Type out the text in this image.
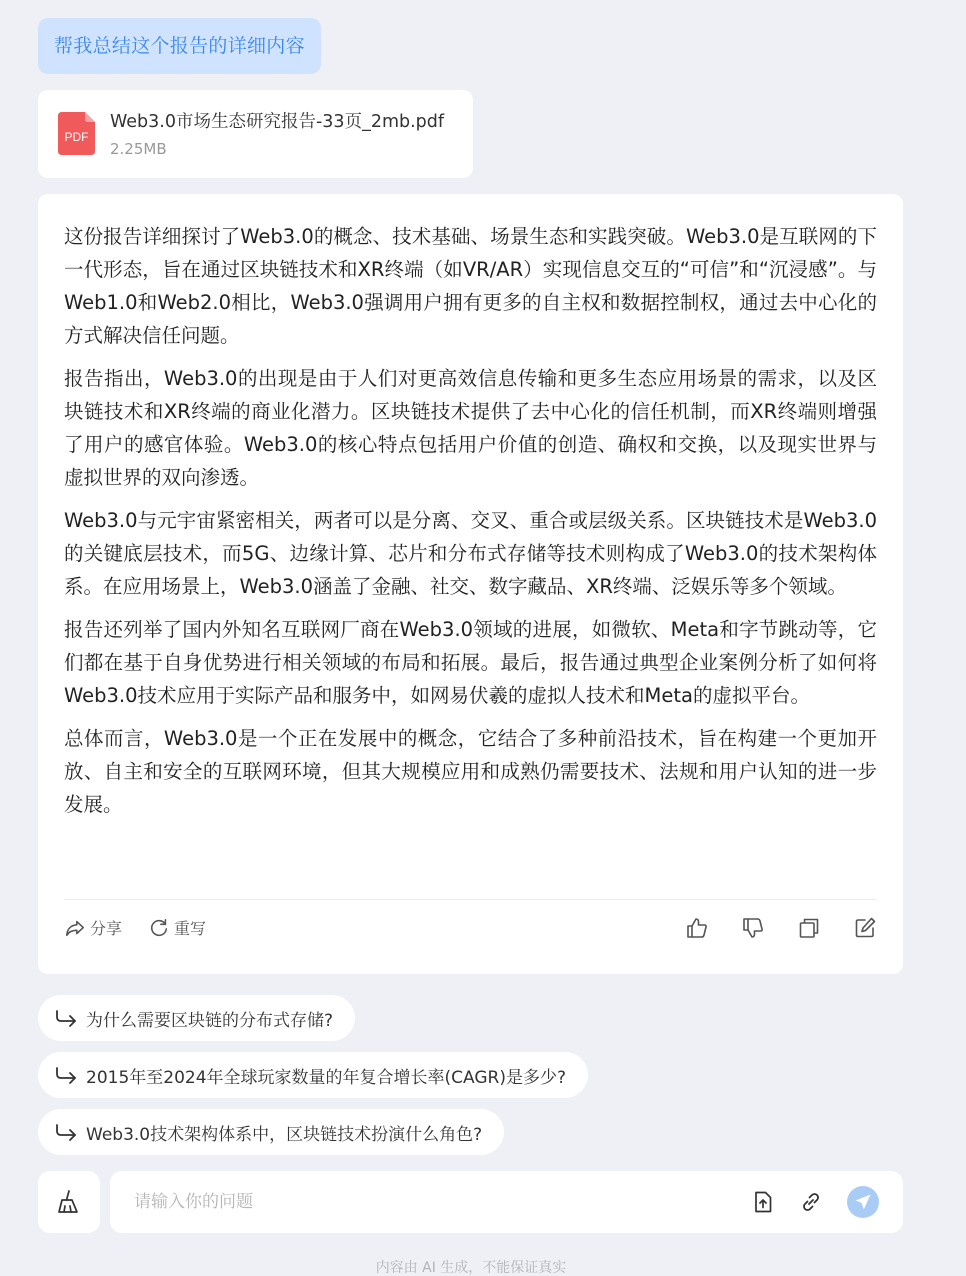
帮我总结这个报告的详细内容
PDF
Web3.0市场生态研究报告-33页_2mb.pdf
2.25MB

这份报告详细探讨了Web3.0的概念、技术基础、场景生态和实践突破。Web3.0是互联网的下一代形态，旨在通过区块链技术和XR终端（如VR/AR）实现信息交互的“可信”和“沉浸感”。与Web1.0和Web2.0相比，Web3.0强调用户拥有更多的自主权和数据控制权，通过去中心化的方式解决信任问题。

报告指出，Web3.0的出现是由于人们对更高效信息传输和更多生态应用场景的需求，以及区块链技术和XR终端的商业化潜力。区块链技术提供了去中心化的信任机制，而XR终端则增强了用户的感官体验。Web3.0的核心特点包括用户价值的创造、确权和交换，以及现实世界与虚拟世界的双向渗透。

Web3.0与元宇宙紧密相关，两者可以是分离、交叉、重合或层级关系。区块链技术是Web3.0的关键底层技术，而5G、边缘计算、芯片和分布式存储等技术则构成了Web3.0的技术架构体系。在应用场景上，Web3.0涵盖了金融、社交、数字藏品、XR终端、泛娱乐等多个领域。

报告还列举了国内外知名互联网厂商在Web3.0领域的进展，如微软、Meta和字节跳动等，它们都在基于自身优势进行相关领域的布局和拓展。最后，报告通过典型企业案例分析了如何将Web3.0技术应用于实际产品和服务中，如网易伏羲的虚拟人技术和Meta的虚拟平台。

总体而言，Web3.0是一个正在发展中的概念，它结合了多种前沿技术，旨在构建一个更加开放、自主和安全的互联网环境，但其大规模应用和成熟仍需要技术、法规和用户认知的进一步发展。

分享	重写
为什么需要区块链的分布式存储?
2015年至2024年全球玩家数量的年复合增长率(CAGR)是多少?
Web3.0技术架构体系中，区块链技术扮演什么角色?
请输入你的问题
内容由 AI 生成，不能保证真实
